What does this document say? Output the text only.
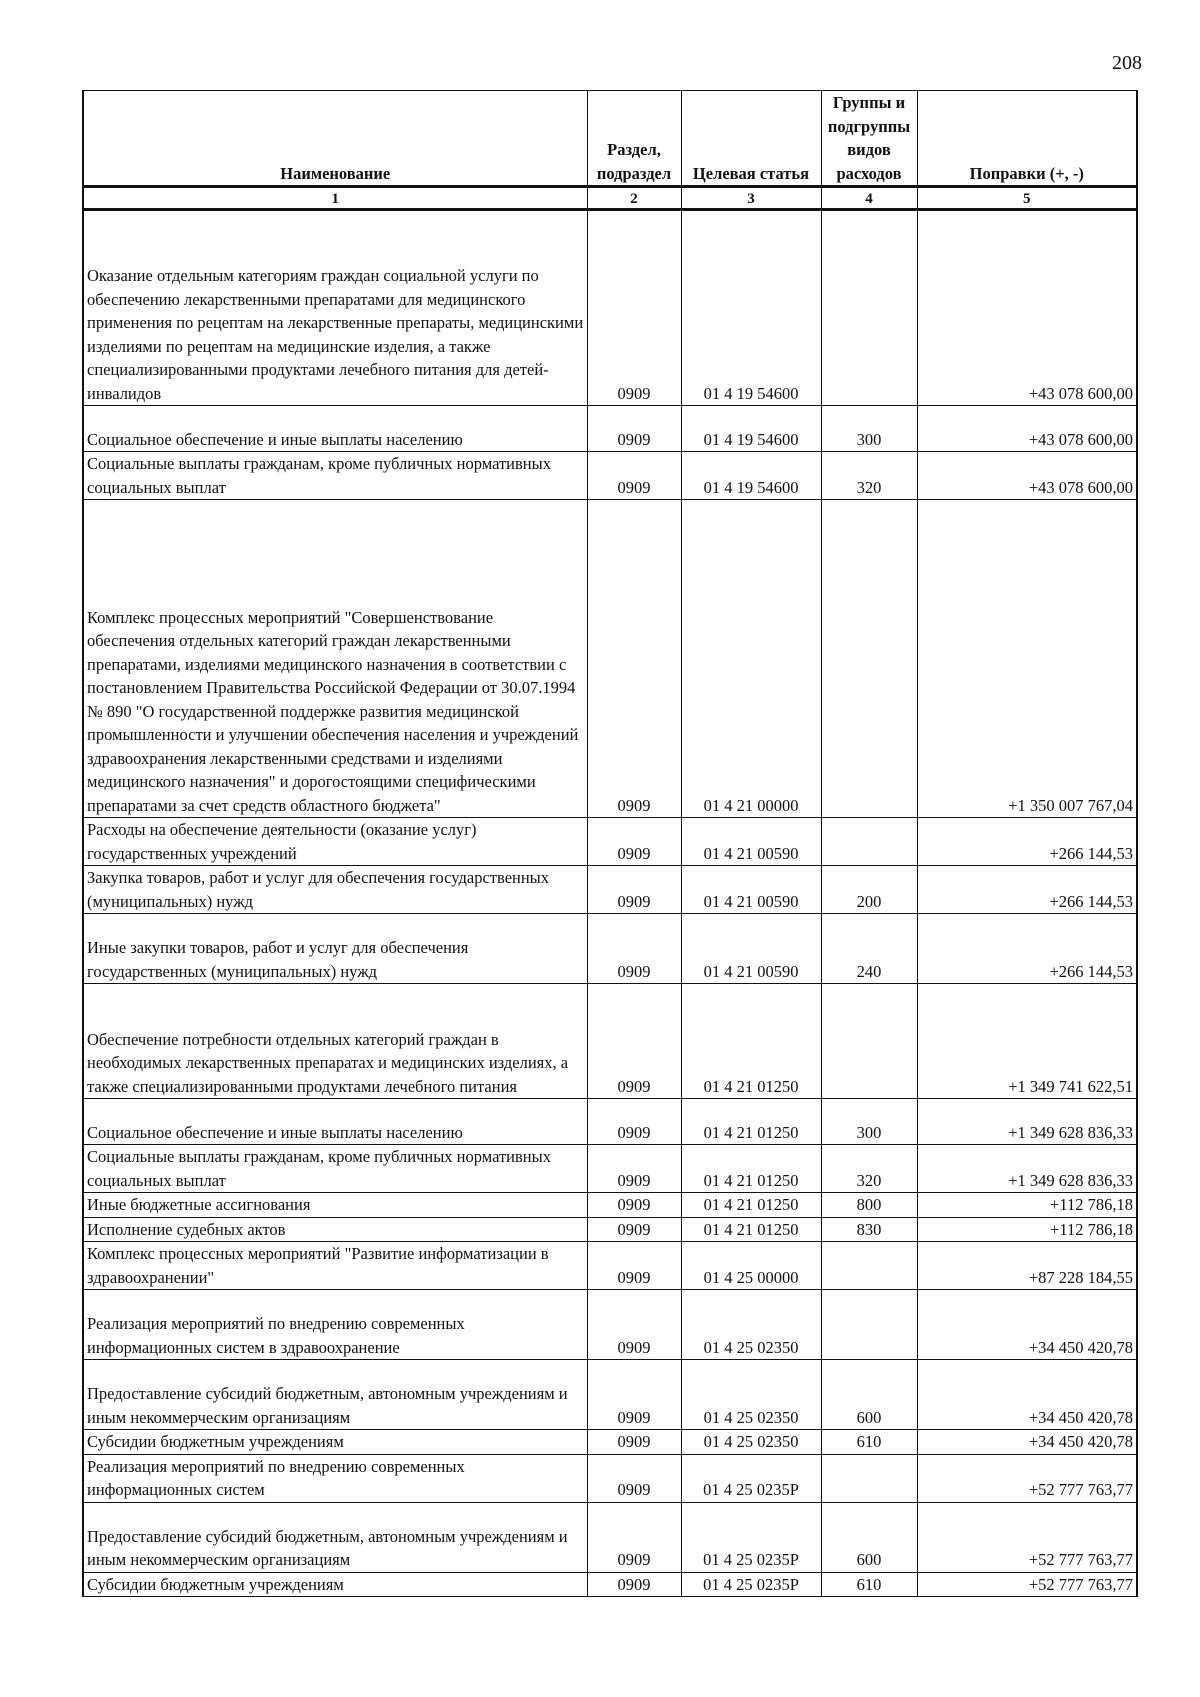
208
Наименование	Раздел, подраздел	Целевая статья	Группы и подгруппы видов расходов	Поправки (+, -)
1	2	3	4	5
Оказание отдельным категориям граждан социальной услуги по обеспечению лекарственными препаратами для медицинского применения по рецептам на лекарственные препараты, медицинскими изделиями по рецептам на медицинские изделия, а также специализированными продуктами лечебного питания для детей-инвалидов	0909	01 4 19 54600		+43 078 600,00
Социальное обеспечение и иные выплаты населению	0909	01 4 19 54600	300	+43 078 600,00
Социальные выплаты гражданам, кроме публичных нормативных социальных выплат	0909	01 4 19 54600	320	+43 078 600,00
Комплекс процессных мероприятий "Совершенствование обеспечения отдельных категорий граждан лекарственными препаратами, изделиями медицинского назначения в соответствии с постановлением Правительства Российской Федерации от 30.07.1994 № 890 "О государственной поддержке развития медицинской промышленности и улучшении обеспечения населения и учреждений здравоохранения лекарственными средствами и изделиями медицинского назначения" и дорогостоящими специфическими препаратами за счет средств областного бюджета"	0909	01 4 21 00000		+1 350 007 767,04
Расходы на обеспечение деятельности (оказание услуг) государственных учреждений	0909	01 4 21 00590		+266 144,53
Закупка товаров, работ и услуг для обеспечения государственных (муниципальных) нужд	0909	01 4 21 00590	200	+266 144,53
Иные закупки товаров, работ и услуг для обеспечения государственных (муниципальных) нужд	0909	01 4 21 00590	240	+266 144,53
Обеспечение потребности отдельных категорий граждан в необходимых лекарственных препаратах и медицинских изделиях, а также специализированными продуктами лечебного питания	0909	01 4 21 01250		+1 349 741 622,51
Социальное обеспечение и иные выплаты населению	0909	01 4 21 01250	300	+1 349 628 836,33
Социальные выплаты гражданам, кроме публичных нормативных социальных выплат	0909	01 4 21 01250	320	+1 349 628 836,33
Иные бюджетные ассигнования	0909	01 4 21 01250	800	+112 786,18
Исполнение судебных актов	0909	01 4 21 01250	830	+112 786,18
Комплекс процессных мероприятий "Развитие информатизации в здравоохранении"	0909	01 4 25 00000		+87 228 184,55
Реализация мероприятий по внедрению современных информационных систем в здравоохранение	0909	01 4 25 02350		+34 450 420,78
Предоставление субсидий бюджетным, автономным учреждениям и иным некоммерческим организациям	0909	01 4 25 02350	600	+34 450 420,78
Субсидии бюджетным учреждениям	0909	01 4 25 02350	610	+34 450 420,78
Реализация мероприятий по внедрению современных информационных систем	0909	01 4 25 0235Р		+52 777 763,77
Предоставление субсидий бюджетным, автономным учреждениям и иным некоммерческим организациям	0909	01 4 25 0235Р	600	+52 777 763,77
Субсидии бюджетным учреждениям	0909	01 4 25 0235Р	610	+52 777 763,77
